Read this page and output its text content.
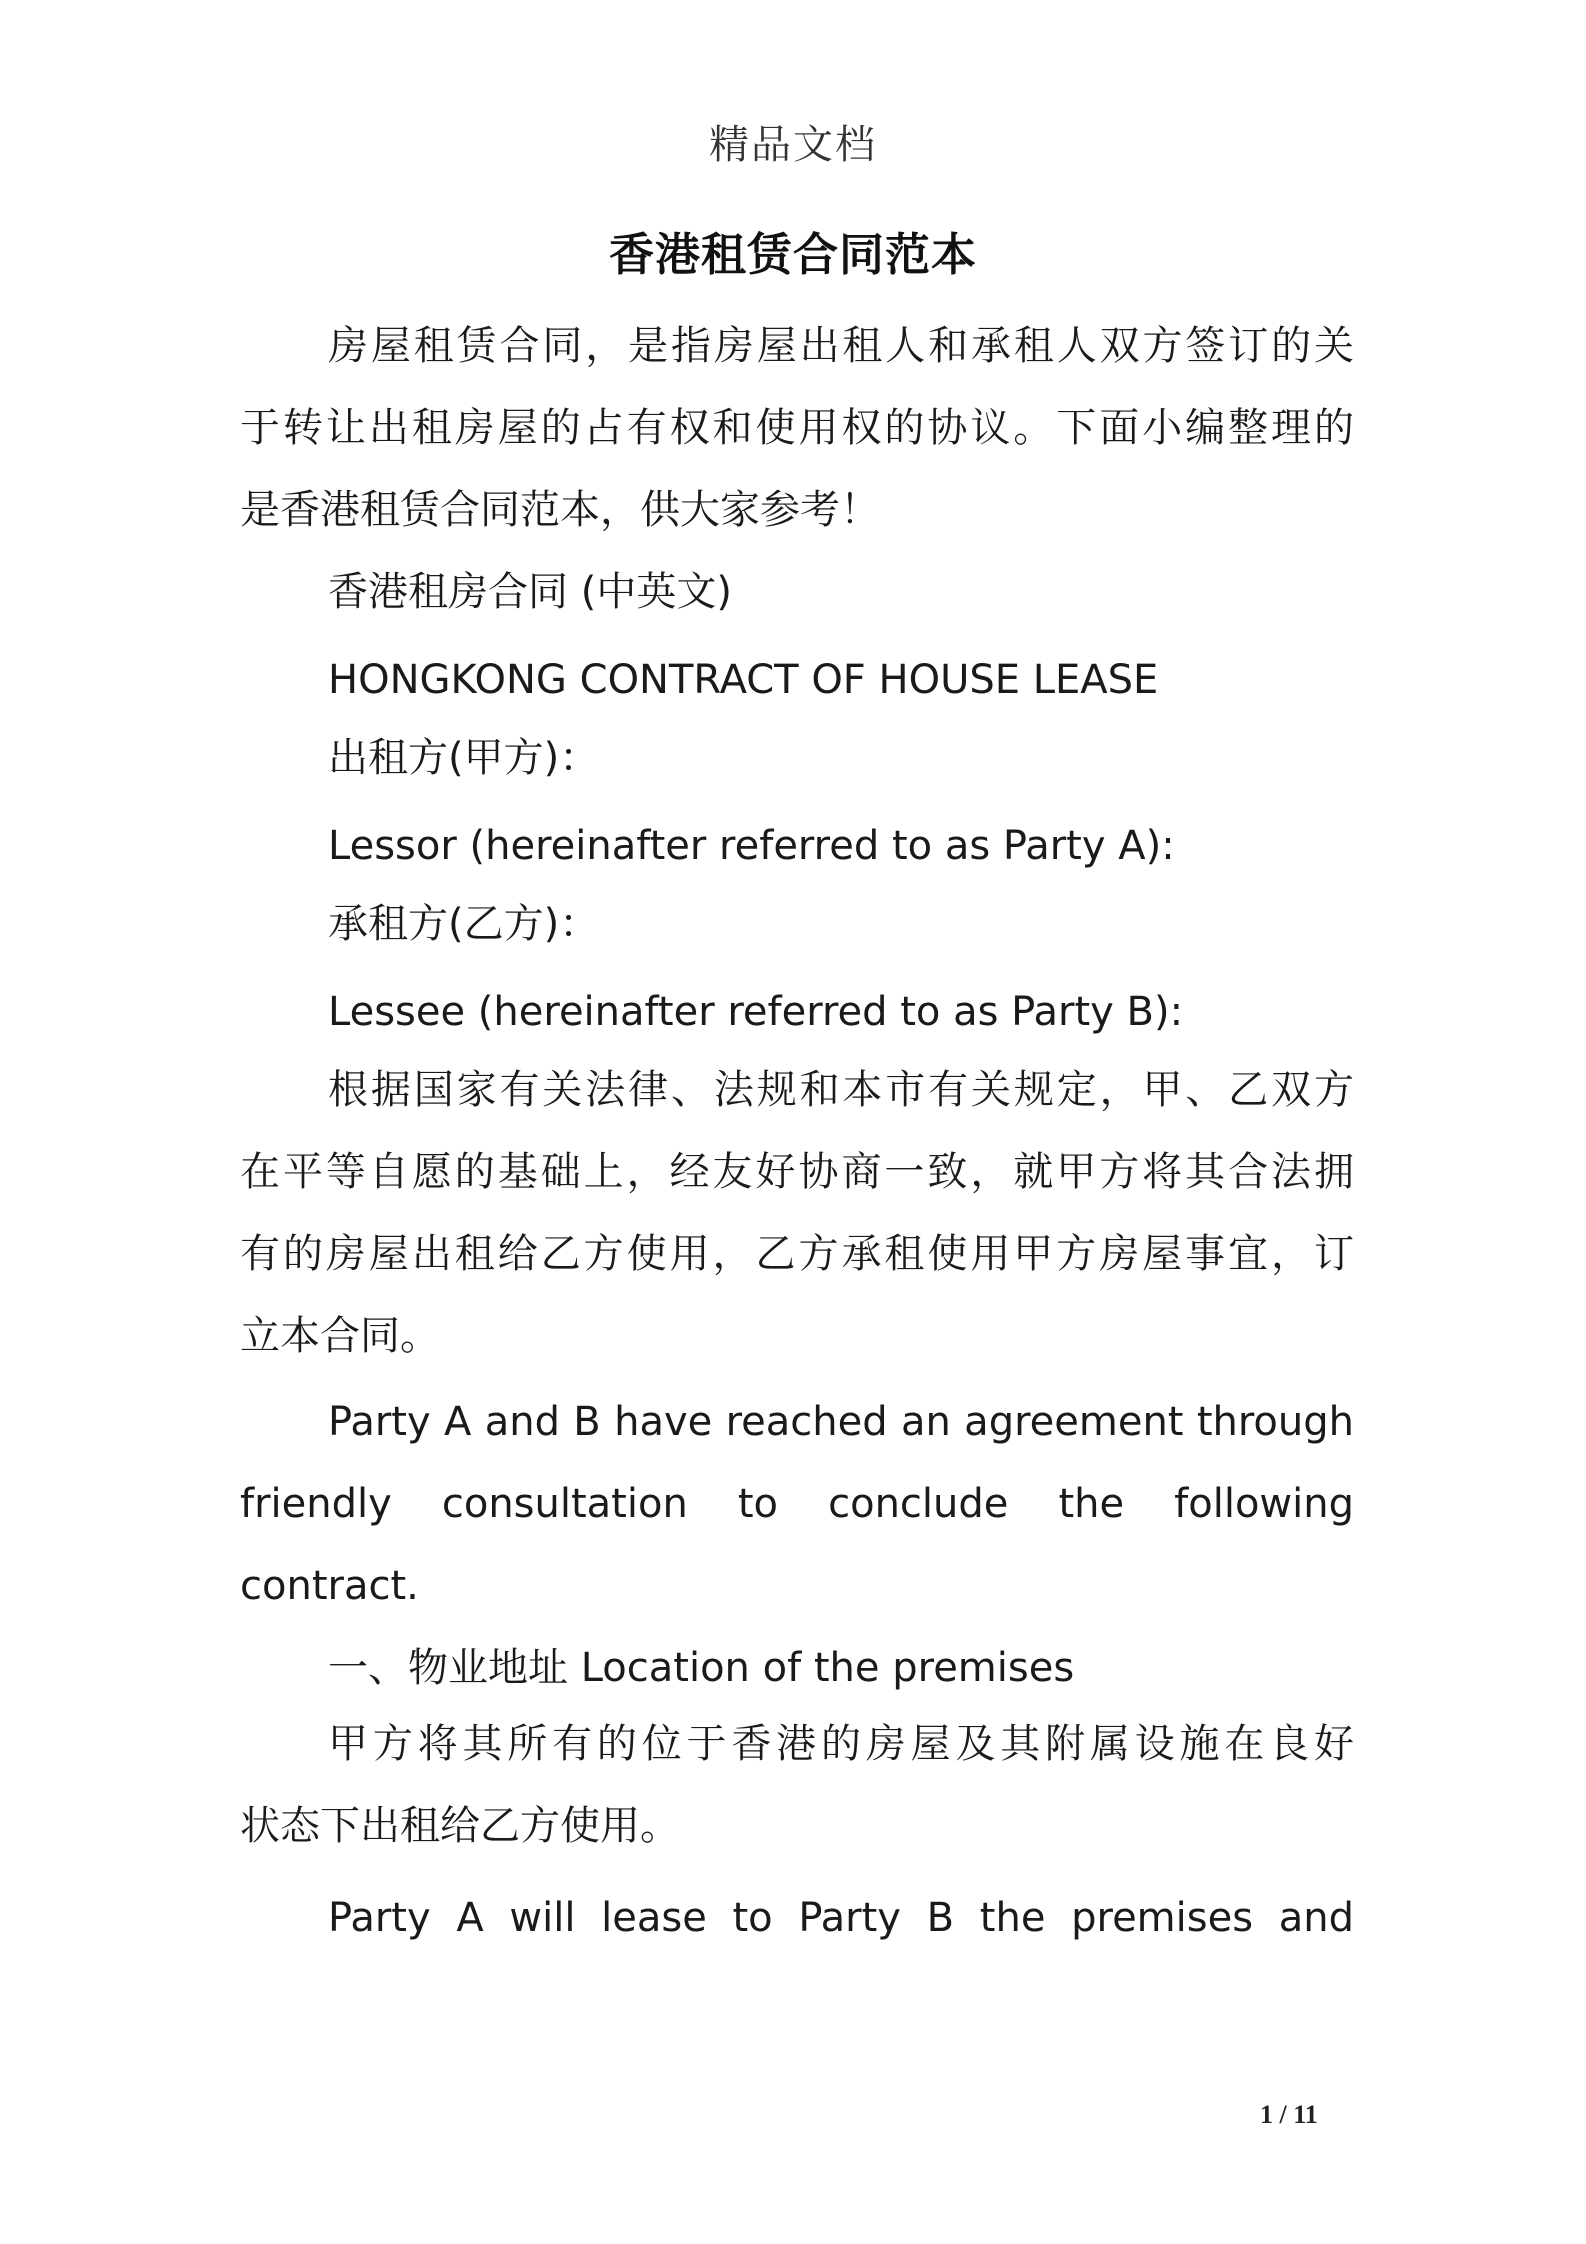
精品文档
香港租赁合同范本
房屋租赁合同，是指房屋出租人和承租人双方签订的关
于转让出租房屋的占有权和使用权的协议。下面小编整理的
是香港租赁合同范本，供大家参考！
香港租房合同 (中英文)
HONGKONG CONTRACT OF HOUSE LEASE
出租方(甲方)：
Lessor (hereinafter referred to as Party A):
承租方(乙方)：
Lessee (hereinafter referred to as Party B):
根据国家有关法律、法规和本市有关规定，甲、乙双方
在平等自愿的基础上，经友好协商一致，就甲方将其合法拥
有的房屋出租给乙方使用，乙方承租使用甲方房屋事宜，订
立本合同。
Party A and B have reached an agreement through
friendly consultation to conclude the following
contract.
一、物业地址 Location of the premises
甲方将其所有的位于香港的房屋及其附属设施在良好
状态下出租给乙方使用。
Party A will lease to Party B the premises and
1 / 11
